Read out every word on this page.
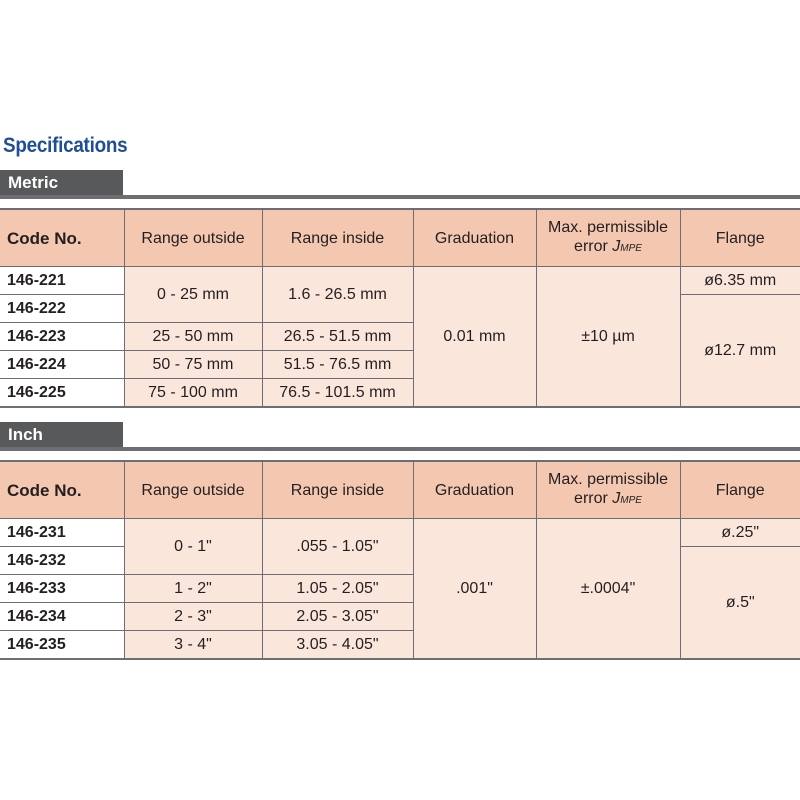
Specifications
Metric
Code No.	Range outside	Range inside	Graduation	Max. permissible
error JMPE	Flange
146-221	0 - 25 mm	1.6 - 26.5 mm	0.01 mm	±10 µm	ø6.35 mm
146-222					ø12.7 mm
146-223	25 - 50 mm	26.5 - 51.5 mm			
146-224	50 - 75 mm	51.5 - 76.5 mm			
146-225	75 - 100 mm	76.5 - 101.5 mm			
Inch
Code No.	Range outside	Range inside	Graduation	Max. permissible
error JMPE	Flange
146-231	0 - 1"	.055 - 1.05"	.001"	±.0004"	ø.25"
146-232					ø.5"
146-233	1 - 2"	1.05 - 2.05"			
146-234	2 - 3"	2.05 - 3.05"			
146-235	3 - 4"	3.05 - 4.05"			
